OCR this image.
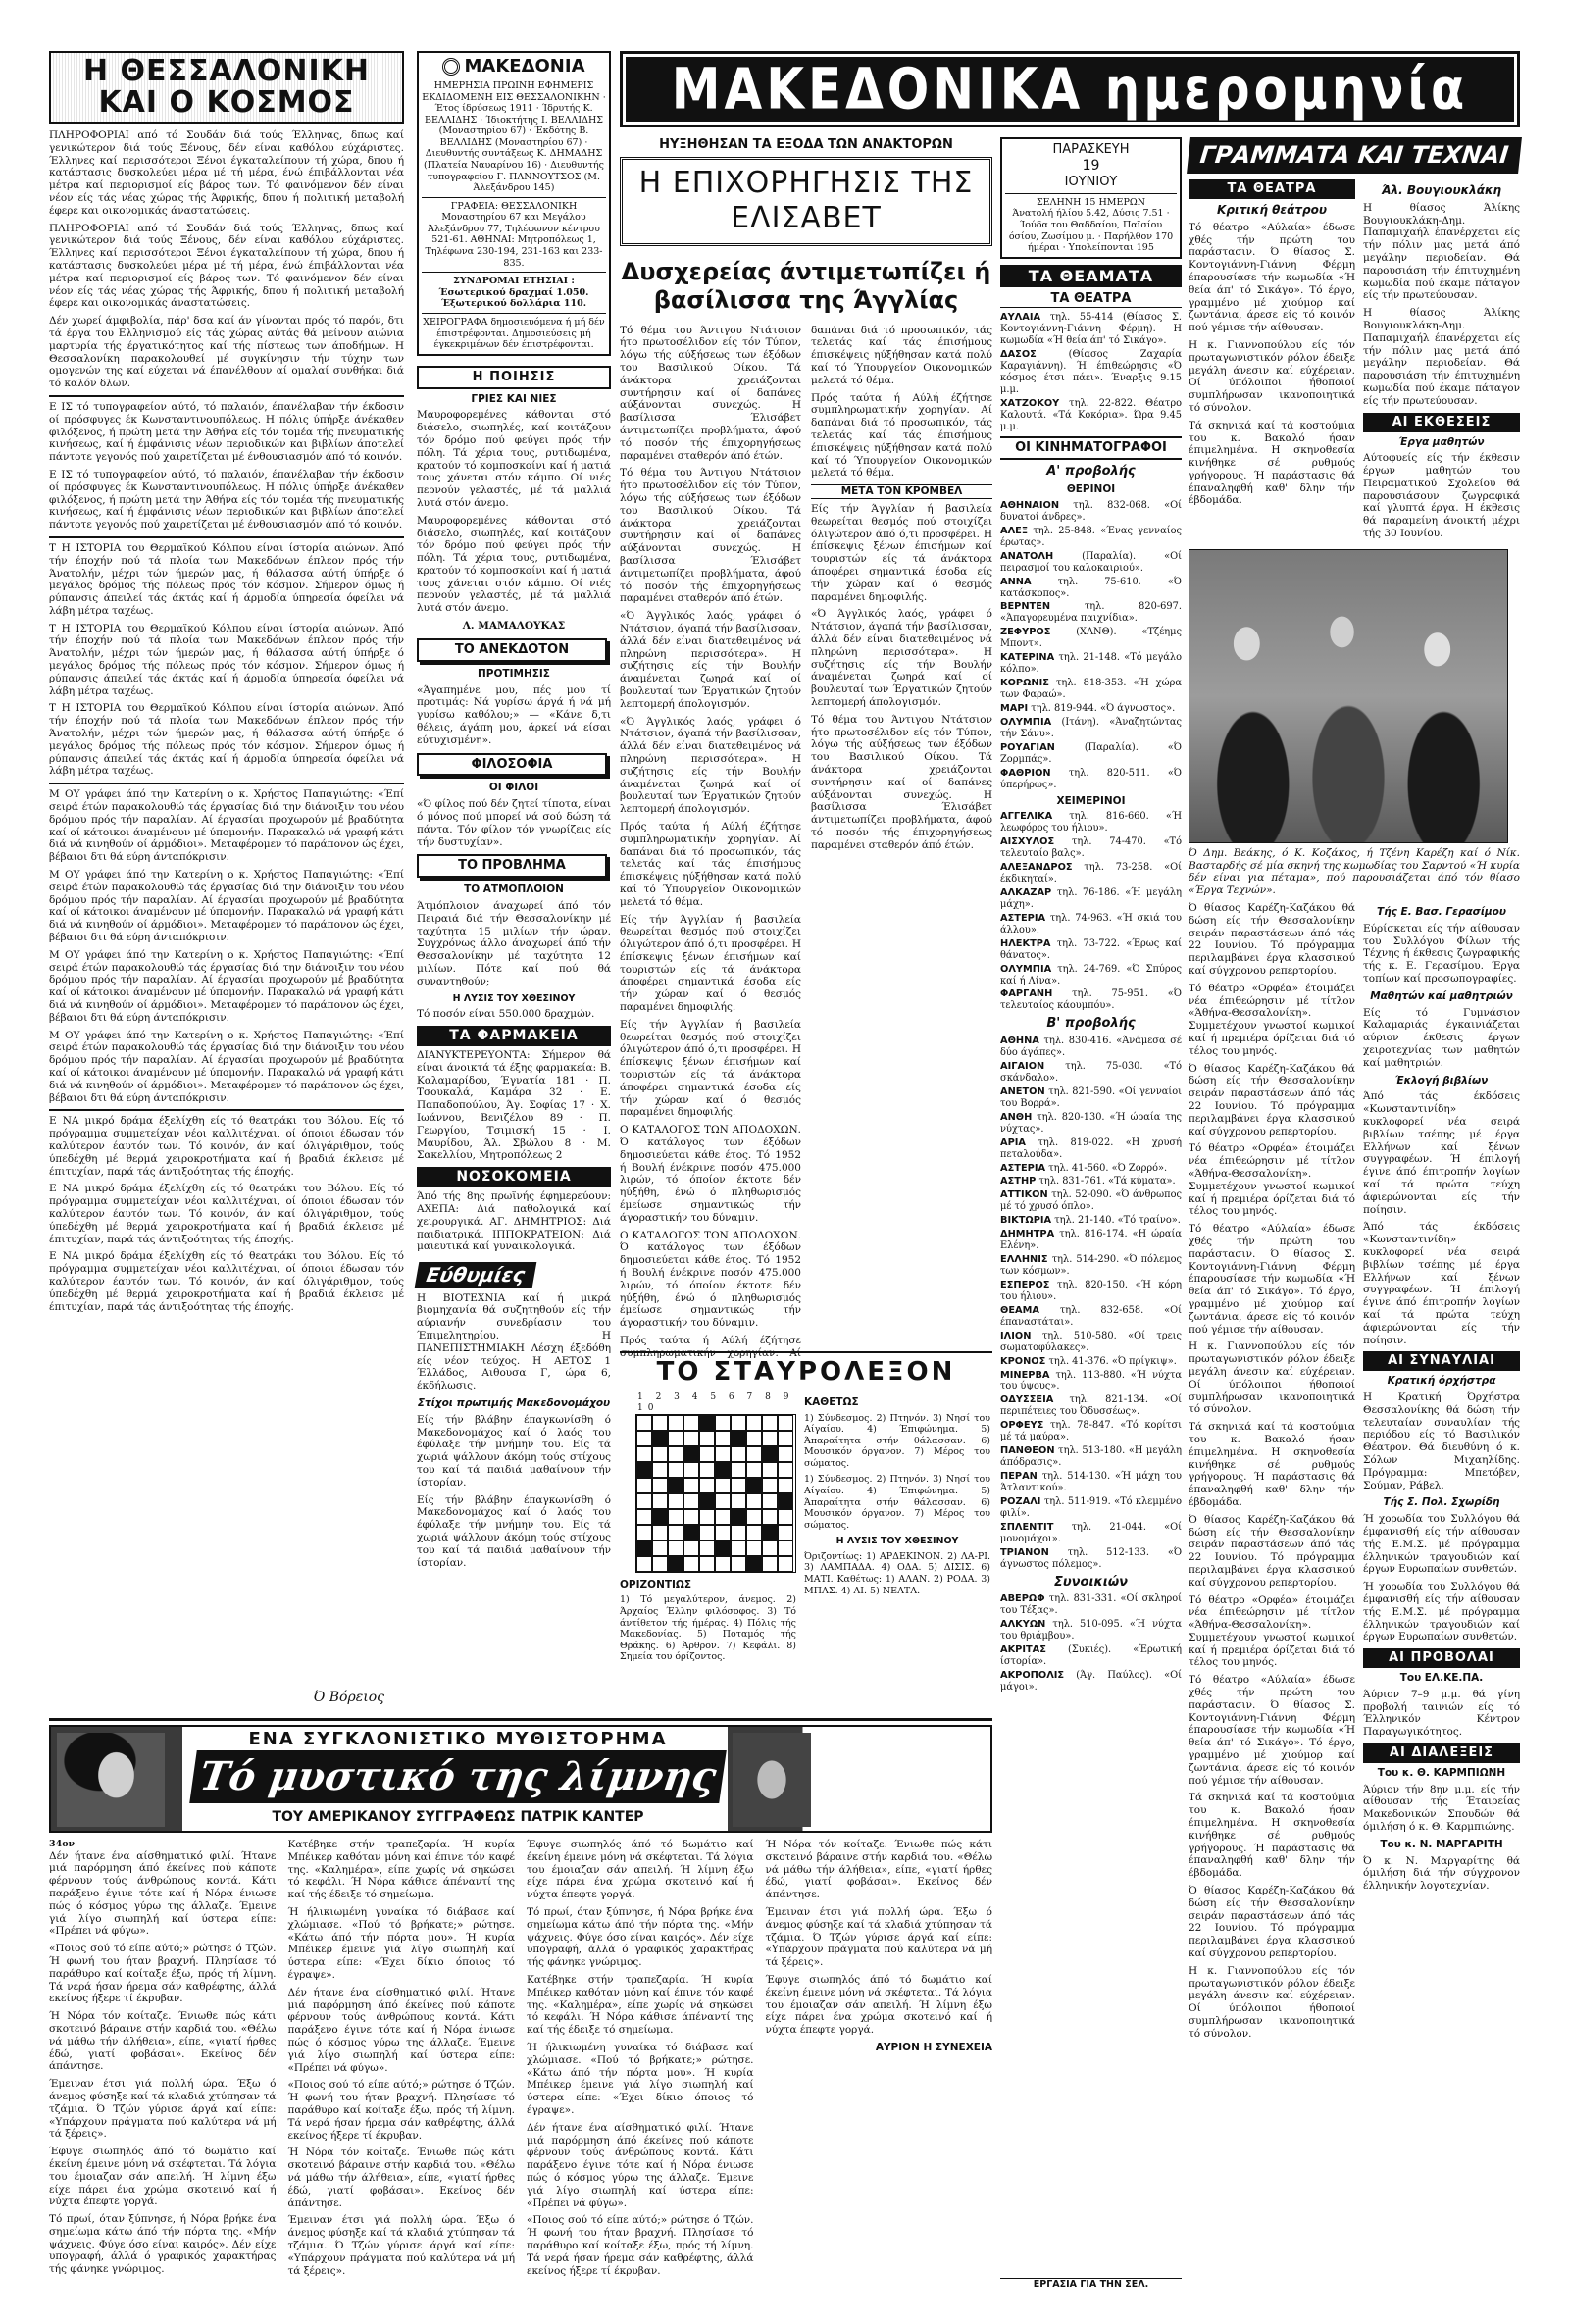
Η ΘΕΣΣΑΛΟΝΙΚΗ
ΚΑΙ Ο ΚΟΣΜΟΣ

ΠΛΗΡΟΦΟΡΙΑΙ από τό Σουδάν διά τούς Έλληνας, δπως καί γενικώτερον διά τούς Ξένους, δέν είναι καθόλου εύχάριστες. Έλληνες καί περισσότεροι Ξένοι έγκαταλείπουν τή χώρα, δπου ή κατάστασις δυσκολεύει μέρα μέ τή μέρα, ένώ έπιβάλλονται νέα μέτρα καί περιορισμοί είς βάρος των. Τό φαινόμενον δέν είναι νέον είς τάς νέας χώρας τής Άφρικής, δπου ή πολιτική μεταβολή έφερε και οικονομικάς άναστατώσεις.

ΠΛΗΡΟΦΟΡΙΑΙ από τό Σουδάν διά τούς Έλληνας, δπως καί γενικώτερον διά τούς Ξένους, δέν είναι καθόλου εύχάριστες. Έλληνες καί περισσότεροι Ξένοι έγκαταλείπουν τή χώρα, δπου ή κατάστασις δυσκολεύει μέρα μέ τή μέρα, ένώ έπιβάλλονται νέα μέτρα καί περιορισμοί είς βάρος των. Τό φαινόμενον δέν είναι νέον είς τάς νέας χώρας τής Άφρικής, δπου ή πολιτική μεταβολή έφερε και οικονομικάς άναστατώσεις.

Δέν χωρεί άμφιβολία, πάρ' δσα καί άν γίνονται πρός τό παρόν, δτι τά έργα του Ελληνισμού είς τάς χώρας αύτάς θά μείνουν αιώνια μαρτυρία τής έργατικότητος καί τής πίστεως των άποδήμων. Η Θεσσαλονίκη παρακολουθεί μέ συγκίνησιν τήν τύχην των ομογενών της καί εύχεται νά έπανέλθουν αί ομαλαί συνθήκαι διά τό καλόν δλων.

Ε ΙΣ τό τυπογραφείον αύτό, τό παλαιόν, έπανέλαβαν τήν έκδοσιν οί πρόσφυγες έκ Κωνσταντινουπόλεως. Η πόλις ύπήρξε άνέκαθεν φιλόξενος, ή πρώτη μετά την Άθήνα είς τόν τομέα τής πνευματικής κινήσεως, καί ή έμφάνισις νέων περιοδικών και βιβλίων άποτελεί πάντοτε γεγονός πού χαιρετίζεται μέ ένθουσιασμόν άπό τό κοινόν.

Ε ΙΣ τό τυπογραφείον αύτό, τό παλαιόν, έπανέλαβαν τήν έκδοσιν οί πρόσφυγες έκ Κωνσταντινουπόλεως. Η πόλις ύπήρξε άνέκαθεν φιλόξενος, ή πρώτη μετά την Άθήνα είς τόν τομέα τής πνευματικής κινήσεως, καί ή έμφάνισις νέων περιοδικών και βιβλίων άποτελεί πάντοτε γεγονός πού χαιρετίζεται μέ ένθουσιασμόν άπό τό κοινόν.

Τ Η ΙΣΤΟΡΙΑ του Θερμαϊκού Κόλπου είναι ίστορία αιώνων. Άπό τήν έποχήν πού τά πλοία των Μακεδόνων έπλεον πρός τήν Άνατολήν, μέχρι τών ήμερών μας, ή θάλασσα αύτή ύπήρξε ό μεγάλος δρόμος τής πόλεως πρός τόν κόσμον. Σήμερον όμως ή ρύπανσις άπειλεί τάς άκτάς καί ή άρμοδία ύπηρεσία όφείλει νά λάβη μέτρα ταχέως.

Τ Η ΙΣΤΟΡΙΑ του Θερμαϊκού Κόλπου είναι ίστορία αιώνων. Άπό τήν έποχήν πού τά πλοία των Μακεδόνων έπλεον πρός τήν Άνατολήν, μέχρι τών ήμερών μας, ή θάλασσα αύτή ύπήρξε ό μεγάλος δρόμος τής πόλεως πρός τόν κόσμον. Σήμερον όμως ή ρύπανσις άπειλεί τάς άκτάς καί ή άρμοδία ύπηρεσία όφείλει νά λάβη μέτρα ταχέως.

Τ Η ΙΣΤΟΡΙΑ του Θερμαϊκού Κόλπου είναι ίστορία αιώνων. Άπό τήν έποχήν πού τά πλοία των Μακεδόνων έπλεον πρός τήν Άνατολήν, μέχρι τών ήμερών μας, ή θάλασσα αύτή ύπήρξε ό μεγάλος δρόμος τής πόλεως πρός τόν κόσμον. Σήμερον όμως ή ρύπανσις άπειλεί τάς άκτάς καί ή άρμοδία ύπηρεσία όφείλει νά λάβη μέτρα ταχέως.

Μ ΟΥ γράφει άπό την Κατερίνη ο κ. Χρήστος Παπαγιώτης: «Έπί σειρά έτών παρακολουθώ τάς έργασίας διά την διάνοιξιν του νέου δρόμου πρός τήν παραλίαν. Αί έργασίαι προχωρούν μέ βραδύτητα καί οί κάτοικοι άναμένουν μέ ύπομονήν. Παρακαλώ νά γραφή κάτι διά νά κινηθούν οί άρμόδιοι». Μεταφέρομεν τό παράπονον ώς έχει, βέβαιοι δτι θά εύρη άνταπόκρισιν.

Μ ΟΥ γράφει άπό την Κατερίνη ο κ. Χρήστος Παπαγιώτης: «Έπί σειρά έτών παρακολουθώ τάς έργασίας διά την διάνοιξιν του νέου δρόμου πρός τήν παραλίαν. Αί έργασίαι προχωρούν μέ βραδύτητα καί οί κάτοικοι άναμένουν μέ ύπομονήν. Παρακαλώ νά γραφή κάτι διά νά κινηθούν οί άρμόδιοι». Μεταφέρομεν τό παράπονον ώς έχει, βέβαιοι δτι θά εύρη άνταπόκρισιν.

Μ ΟΥ γράφει άπό την Κατερίνη ο κ. Χρήστος Παπαγιώτης: «Έπί σειρά έτών παρακολουθώ τάς έργασίας διά την διάνοιξιν του νέου δρόμου πρός τήν παραλίαν. Αί έργασίαι προχωρούν μέ βραδύτητα καί οί κάτοικοι άναμένουν μέ ύπομονήν. Παρακαλώ νά γραφή κάτι διά νά κινηθούν οί άρμόδιοι». Μεταφέρομεν τό παράπονον ώς έχει, βέβαιοι δτι θά εύρη άνταπόκρισιν.

Μ ΟΥ γράφει άπό την Κατερίνη ο κ. Χρήστος Παπαγιώτης: «Έπί σειρά έτών παρακολουθώ τάς έργασίας διά την διάνοιξιν του νέου δρόμου πρός τήν παραλίαν. Αί έργασίαι προχωρούν μέ βραδύτητα καί οί κάτοικοι άναμένουν μέ ύπομονήν. Παρακαλώ νά γραφή κάτι διά νά κινηθούν οί άρμόδιοι». Μεταφέρομεν τό παράπονον ώς έχει, βέβαιοι δτι θά εύρη άνταπόκρισιν.

Ε ΝΑ μικρό δράμα έξελίχθη είς τό θεατράκι του Βόλου. Είς τό πρόγραμμα συμμετείχαν νέοι καλλιτέχναι, οί όποιοι έδωσαν τόν καλύτερον έαυτόν των. Τό κοινόν, άν καί όλιγάριθμον, τούς ύπεδέχθη μέ θερμά χειροκροτήματα καί ή βραδιά έκλεισε μέ έπιτυχίαν, παρά τάς άντιξοότητας τής έποχής.

Ε ΝΑ μικρό δράμα έξελίχθη είς τό θεατράκι του Βόλου. Είς τό πρόγραμμα συμμετείχαν νέοι καλλιτέχναι, οί όποιοι έδωσαν τόν καλύτερον έαυτόν των. Τό κοινόν, άν καί όλιγάριθμον, τούς ύπεδέχθη μέ θερμά χειροκροτήματα καί ή βραδιά έκλεισε μέ έπιτυχίαν, παρά τάς άντιξοότητας τής έποχής.

Ε ΝΑ μικρό δράμα έξελίχθη είς τό θεατράκι του Βόλου. Είς τό πρόγραμμα συμμετείχαν νέοι καλλιτέχναι, οί όποιοι έδωσαν τόν καλύτερον έαυτόν των. Τό κοινόν, άν καί όλιγάριθμον, τούς ύπεδέχθη μέ θερμά χειροκροτήματα καί ή βραδιά έκλεισε μέ έπιτυχίαν, παρά τάς άντιξοότητας τής έποχής.

Ό Βόρειος
ΜΑΚΕΔΟΝΙΑ
ΗΜΕΡΗΣΙΑ ΠΡΩΙΝΗ ΕΦΗΜΕΡΙΣ ΕΚΔΙΔΟΜΕΝΗ ΕΙΣ ΘΕΣΣΑΛΟΝΙΚΗΝ · Έτος ίδρύσεως 1911 · Ίδρυτής Κ. ΒΕΛΛΙΔΗΣ · Ίδιοκτήτης Ι. ΒΕΛΛΙΔΗΣ (Μοναστηρίου 67) · Έκδότης Β. ΒΕΛΛΙΔΗΣ (Μοναστηρίου 67) · Διευθυντής συντάξεως Κ. ΔΗΜΑΔΗΣ (Πλατεία Ναυαρίνου 16) · Διευθυντής τυπογραφείου Γ. ΠΑΝΝΟΥΤΣΟΣ (Μ. Άλεξάνδρου 145)
ΓΡΑΦΕΙΑ: ΘΕΣΣΑΛΟΝΙΚΗ Μοναστηρίου 67 και Μεγάλου Άλεξάνδρου 77, Τηλέφωνον κέντρου 521-61. ΑΘΗΝΑΙ: Μητροπόλεως 1, Τηλέφωνα 230-194, 231-163 και 233-835.
ΣΥΝΔΡΟΜΑΙ ΕΤΗΣΙΑΙ : Έσωτερικού δραχμαί 1.050. Έξωτερικού δολλάρια 110.
ΧΕΙΡΟΓΡΑΦΑ δημοσιευόμενα ή μή δέν έπιστρέφονται. Δημοσιεύσεις μή έγκεκριμένων δέν έπιστρέφονται.
Η ΠΟΙΗΣΙΣ
ΓΡΙΕΣ ΚΑΙ ΝΙΕΣ

Μαυροφορεμένες κάθονται στό διάσελο, σιωπηλές, καί κοιτάζουν τόν δρόμο πού φεύγει πρός τήν πόλη. Τά χέρια τους, ρυτιδωμένα, κρατούν τό κομποσκοίνι καί ή ματιά τους χάνεται στόν κάμπο. Οί νιές περνούν γελαστές, μέ τά μαλλιά λυτά στόν άνεμο.

Μαυροφορεμένες κάθονται στό διάσελο, σιωπηλές, καί κοιτάζουν τόν δρόμο πού φεύγει πρός τήν πόλη. Τά χέρια τους, ρυτιδωμένα, κρατούν τό κομποσκοίνι καί ή ματιά τους χάνεται στόν κάμπο. Οί νιές περνούν γελαστές, μέ τά μαλλιά λυτά στόν άνεμο.

Λ. ΜΑΜΑΛΟΥΚΑΣ
ΤΟ ΑΝΕΚΔΟΤΟΝ
ΠΡΟΤΙΜΗΣΙΣ

«Άγαπημένε μου, πές μου τί προτιμάς: Νά γυρίσω άργά ή νά μή γυρίσω καθόλου;» — «Κάνε δ,τι θέλεις, άγάπη μου, άρκεί νά είσαι εύτυχισμένη».

ΦΙΛΟΣΟΦΙΑ
ΟΙ ΦΙΛΟΙ

«Ό φίλος πού δέν ζητεί τίποτα, είναι ό μόνος πού μπορεί νά σού δώση τά πάντα. Τόν φίλον τόν γνωρίζεις είς τήν δυστυχίαν».

ΤΟ ΠΡΟΒΛΗΜΑ
ΤΟ ΑΤΜΟΠΛΟΙΟΝ

Άτμόπλοιον άναχωρεί άπό τόν Πειραιά διά τήν Θεσσαλονίκην μέ ταχύτητα 15 μιλίων τήν ώραν. Συγχρόνως άλλο άναχωρεί άπό τήν Θεσσαλονίκην μέ ταχύτητα 12 μιλίων. Πότε καί πού θά συναντηθούν;

Η ΛΥΣΙΣ ΤΟΥ ΧΘΕΣΙΝΟΥ

Τό ποσόν είναι 550.000 δραχμών.

ΤΑ ΦΑΡΜΑΚΕΙΑ

ΔΙΑΝΥΚΤΕΡΕΥΟΝΤΑ: Σήμερον θά είναι άνοικτά τά έξης φαρμακεία: Β. Καλαμαρίδου, Έγνατία 181 · Π. Τσουκαλά, Καμάρα 32 · Ε. Παπαδοπούλου, Άγ. Σοφίας 17 · Χ. Ιωάννου, Βενιζέλου 89 · Π. Γεωργίου, Τσιμισκή 15 · Ι. Μαυρίδου, Άλ. Σβώλου 8 · Μ. Σακελλίου, Μητροπόλεως 2

ΝΟΣΟΚΟΜΕΙΑ

Άπό τής 8ης πρωϊνής έφημερεύουν: ΑΧΕΠΑ: Διά παθολογικά καί χειρουργικά. ΑΓ. ΔΗΜΗΤΡΙΟΣ: Διά παιδιατρικά. ΙΠΠΟΚΡΑΤΕΙΟΝ: Διά μαιευτικά καί γυναικολογικά.

Εύθυμίες

Η ΒΙΟΤΕΧΝΙΑ καί ή μικρά βιομηχανία θά συζητηθούν είς τήν αύριανήν συνεδρίασιν του Έπιμελητηρίου. Η ΠΑΝΕΠΙΣΤΗΜΙΑΚΗ Λέσχη έξεδόθη είς νέον τεύχος. Η ΑΕΤΟΣ 1 Έλλάδος, Αιθουσα Γ, ώρα 6, έκδήλωσις.

Στίχοι πρωτιμής Μακεδονομάχου

Είς τήν βλάβην έπαγκωνίσθη ό Μακεδονομάχος καί ό λαός του έφύλαξε τήν μνήμην του. Είς τά χωριά ψάλλουν άκόμη τούς στίχους του καί τά παιδιά μαθαίνουν τήν ίστορίαν.

Είς τήν βλάβην έπαγκωνίσθη ό Μακεδονομάχος καί ό λαός του έφύλαξε τήν μνήμην του. Είς τά χωριά ψάλλουν άκόμη τούς στίχους του καί τά παιδιά μαθαίνουν τήν ίστορίαν.

ΜΑΚΕΔΟΝΙΚΑ ημερομηνία
ΗΥΞΗΘΗΣΑΝ ΤΑ ΕΞΟΔΑ ΤΩΝ ΑΝΑΚΤΟΡΩΝ
Η ΕΠΙΧΟΡΗΓΗΣΙΣ ΤΗΣ ΕΛΙΣΑΒΕΤ
Δυσχερείας άντιμετωπίζει ή βασίλισσα της Άγγλίας

Τό θέμα του Άντιγου Ντάτσιον ήτο πρωτοσέλιδον είς τόν Τύπον, λόγω τής αύξήσεως των έξόδων του Βασιλικού Οίκου. Τά άνάκτορα χρειάζονται συντήρησιν καί οί δαπάνες αύξάνονται συνεχώς. Η βασίλισσα Έλισάβετ άντιμετωπίζει προβλήματα, άφού τό ποσόν τής έπιχορηγήσεως παραμένει σταθερόν άπό έτών.

Τό θέμα του Άντιγου Ντάτσιον ήτο πρωτοσέλιδον είς τόν Τύπον, λόγω τής αύξήσεως των έξόδων του Βασιλικού Οίκου. Τά άνάκτορα χρειάζονται συντήρησιν καί οί δαπάνες αύξάνονται συνεχώς. Η βασίλισσα Έλισάβετ άντιμετωπίζει προβλήματα, άφού τό ποσόν τής έπιχορηγήσεως παραμένει σταθερόν άπό έτών.

«Ό Άγγλικός λαός, γράφει ό Ντάτσιον, άγαπά τήν βασίλισσαν, άλλά δέν είναι διατεθειμένος νά πληρώνη περισσότερα». Η συζήτησις είς τήν Βουλήν άναμένεται ζωηρά καί οί βουλευταί των Έργατικών ζητούν λεπτομερή άπολογισμόν.

«Ό Άγγλικός λαός, γράφει ό Ντάτσιον, άγαπά τήν βασίλισσαν, άλλά δέν είναι διατεθειμένος νά πληρώνη περισσότερα». Η συζήτησις είς τήν Βουλήν άναμένεται ζωηρά καί οί βουλευταί των Έργατικών ζητούν λεπτομερή άπολογισμόν.

Πρός ταύτα ή Αύλή έζήτησε συμπληρωματικήν χορηγίαν. Αί δαπάναι διά τό προσωπικόν, τάς τελετάς καί τάς έπισήμους έπισκέψεις ηύξήθησαν κατά πολύ καί τό Ύπουργείον Οικονομικών μελετά τό θέμα.

Είς τήν Άγγλίαν ή βασιλεία θεωρείται θεσμός πού στοιχίζει όλιγώτερον άπό ό,τι προσφέρει. Η έπίσκεψις ξένων έπισήμων καί τουριστών είς τά άνάκτορα άποφέρει σημαντικά έσοδα είς τήν χώραν καί ό θεσμός παραμένει δημοφιλής.

Είς τήν Άγγλίαν ή βασιλεία θεωρείται θεσμός πού στοιχίζει όλιγώτερον άπό ό,τι προσφέρει. Η έπίσκεψις ξένων έπισήμων καί τουριστών είς τά άνάκτορα άποφέρει σημαντικά έσοδα είς τήν χώραν καί ό θεσμός παραμένει δημοφιλής.

Ο ΚΑΤΑΛΟΓΟΣ ΤΩΝ ΑΠΟΔΟΧΩΝ. Ό κατάλογος των έξόδων δημοσιεύεται κάθε έτος. Τό 1952 ή Βουλή ένέκρινε ποσόν 475.000 λιρών, τό όποίον έκτοτε δέν ηύξήθη, ένώ ό πληθωρισμός έμείωσε σημαντικώς τήν άγοραστικήν του δύναμιν.

Ο ΚΑΤΑΛΟΓΟΣ ΤΩΝ ΑΠΟΔΟΧΩΝ. Ό κατάλογος των έξόδων δημοσιεύεται κάθε έτος. Τό 1952 ή Βουλή ένέκρινε ποσόν 475.000 λιρών, τό όποίον έκτοτε δέν ηύξήθη, ένώ ό πληθωρισμός έμείωσε σημαντικώς τήν άγοραστικήν του δύναμιν.

Πρός ταύτα ή Αύλή έζήτησε συμπληρωματικήν χορηγίαν. Αί δαπάναι διά τό προσωπικόν, τάς τελετάς καί τάς έπισήμους έπισκέψεις ηύξήθησαν κατά πολύ καί τό Ύπουργείον Οικονομικών μελετά τό θέμα.

Πρός ταύτα ή Αύλή έζήτησε συμπληρωματικήν χορηγίαν. Αί δαπάναι διά τό προσωπικόν, τάς τελετάς καί τάς έπισήμους έπισκέψεις ηύξήθησαν κατά πολύ καί τό Ύπουργείον Οικονομικών μελετά τό θέμα.

ΜΕΤΑ ΤΟΝ ΚΡΟΜΒΕΛ

Είς τήν Άγγλίαν ή βασιλεία θεωρείται θεσμός πού στοιχίζει όλιγώτερον άπό ό,τι προσφέρει. Η έπίσκεψις ξένων έπισήμων καί τουριστών είς τά άνάκτορα άποφέρει σημαντικά έσοδα είς τήν χώραν καί ό θεσμός παραμένει δημοφιλής.

«Ό Άγγλικός λαός, γράφει ό Ντάτσιον, άγαπά τήν βασίλισσαν, άλλά δέν είναι διατεθειμένος νά πληρώνη περισσότερα». Η συζήτησις είς τήν Βουλήν άναμένεται ζωηρά καί οί βουλευταί των Έργατικών ζητούν λεπτομερή άπολογισμόν.

Τό θέμα του Άντιγου Ντάτσιον ήτο πρωτοσέλιδον είς τόν Τύπον, λόγω τής αύξήσεως των έξόδων του Βασιλικού Οίκου. Τά άνάκτορα χρειάζονται συντήρησιν καί οί δαπάνες αύξάνονται συνεχώς. Η βασίλισσα Έλισάβετ άντιμετωπίζει προβλήματα, άφού τό ποσόν τής έπιχορηγήσεως παραμένει σταθερόν άπό έτών.

ΤΟ ΣΤΑΥΡΟΛΕΞΟΝ
1 2 3 4 5 6 7 8 9 10
ΟΡΙΖΟΝΤΙΩΣ

1) Τό μεγαλύτερον, άνεμος. 2) Άρχαίος Έλλην φιλόσοφος. 3) Τό άντίθετον τής ήμέρας. 4) Πόλις τής Μακεδονίας. 5) Ποταμός τής Θράκης. 6) Άρθρον. 7) Κεφάλι. 8) Σημεία του όρίζοντος.

ΚΑΘΕΤΩΣ

1) Σύνδεσμος. 2) Πτηνόν. 3) Νησί του Αίγαίου. 4) Έπιφώνημα. 5) Άπαραίτητα στήν θάλασσαν. 6) Μουσικόν όργανον. 7) Μέρος του σώματος.

1) Σύνδεσμος. 2) Πτηνόν. 3) Νησί του Αίγαίου. 4) Έπιφώνημα. 5) Άπαραίτητα στήν θάλασσαν. 6) Μουσικόν όργανον. 7) Μέρος του σώματος.

Η ΛΥΣΙΣ ΤΟΥ ΧΘΕΣΙΝΟΥ

Όριζοντίως: 1) ΑΡΔΕΚΙΝΟΝ. 2) ΛΑ-ΡΙ. 3) ΛΑΜΠΑΔΑ. 4) ΟΔΑ. 5) ΔΙΣΙΣ. 6) ΜΑΤΙ. Καθέτως: 1) ΑΛΑΝ. 2) ΡΟΔΑ. 3) ΜΠΑΣ. 4) ΑΙ. 5) ΝΕΑΤΑ.

ΠΑΡΑΣΚΕΥΗ
19
ΙΟΥΝΙΟΥ
ΣΕΛΗΝΗ 15 ΗΜΕΡΩΝ
Άνατολή ήλίου 5.42, Δύσις 7.51 · Ίούδα του Θαδδαίου, Παϊσίου όσίου, Ζωσίμου μ. · Παρήλθον 170 ήμέραι · Υπολείπονται 195
ΤΑ ΘΕΑΜΑΤΑ
ΤΑ ΘΕΑΤΡΑ

ΑΥΛΑΙΑ τηλ. 55-414 (Θίασος Σ. Κοντογιάννη-Γιάννη Φέρμη). Η κωμωδία «Ή θεία άπ' τό Σικάγο».

ΔΑΣΟΣ	(Θίασος Ζαχαρία Καραγιάννη). Ή έπιθεώρησις «Ό κόσμος έτσι πάει». Έναρξις 9.15 μ.μ.

ΧΑΤΖΟΚΟΥ τηλ. 22-822. Θέατρο Καλουτά. «Τά Κοκόρια». Ώρα 9.45 μ.μ.

ΟΙ ΚΙΝΗΜΑΤΟΓΡΑΦΟΙ
Α' προβολής
ΘΕΡΙΝΟΙ

ΑΘΗΝΑΙΟΝ τηλ. 832-068. «Οί δυνατοί άνδρες».

ΑΛΕΞ τηλ. 25-848. «Ένας γενναίος έρωτας».

ΑΝΑΤΟΛΗ	(Παραλία). «Οί πειρασμοί του καλοκαιριού».

ΑΝΝΑ	τηλ. 75-610. «Ό κατάσκοπος».

ΒΕΡΝΤΕΝ	τηλ. 820-697. «Άπαγορευμένα παιχνίδια».

ΖΕΦΥΡΟΣ	(ΧΑΝΘ). «Τζέημς Μποντ».

ΚΑΤΕΡΙΝΑ τηλ. 21-148. «Τό μεγάλο κόλπο».

ΚΟΡΩΝΙΣ τηλ. 818-353. «Ή χώρα των Φαραώ».

ΜΑΡΙ τηλ. 819-944. «Ό άγνωστος».

ΟΛΥΜΠΙΑ (Ιτάνη). «Άναζητώντας τήν Σάνυ».

ΡΟΥΑΓΙΑΝ	(Παραλία). «Ό Ζορμπάς».

ΦΑΘΡΙΟΝ τηλ. 820-511. «Ό ύπερήρως».

ΧΕΙΜΕΡΙΝΟΙ

ΑΓΓΕΛΙΚΑ τηλ. 816-660. «Ή λεωφόρος του ήλιου».

ΑΙΣΧΥΛΟΣ τηλ. 74-470. «Τό τελευταίο βαλς».

ΑΛΕΞΑΝΔΡΟΣ τηλ. 73-258. «Οί έκδικηταί».

ΑΛΚΑΖΑΡ τηλ. 76-186. «Ή μεγάλη μάχη».

ΑΣΤΕΡΙΑ τηλ. 74-963. «Ή σκιά του άλλου».

ΗΛΕΚΤΡΑ τηλ. 73-722. «Έρως καί θάνατος».

ΟΛΥΜΠΙΑ τηλ. 24-769. «Ό Σπύρος καί ή Λίνα».

ΦΑΡΓΑΝΗ τηλ. 75-951. «Ό τελευταίος κάουμπόυ».

Β' προβολής

ΑΘΗΝΑ τηλ. 830-416. «Άνάμεσα σέ δύο άγάπες».

ΑΙΓΑΙΟΝ τηλ. 75-030. «Τό σκάνδαλο».

ΑΝΕΤΟΝ τηλ. 821-590. «Οί γενναίοι του Βορρά».

ΑΝΘΗ τηλ. 820-130. «Ή ώραία της νύχτας».

ΑΡΙΑ τηλ. 819-022. «Η χρυσή πεταλούδα».

ΑΣΤΕΡΙΑ τηλ. 41-560. «Ό Ζορρό».

ΑΣΤΗΡ τηλ. 831-761. «Τά κύματα».

ΑΤΤΙΚΟΝ τηλ. 52-090. «Ό άνθρωπος μέ τό χρυσό όπλο».

ΒΙΚΤΩΡΙΑ τηλ. 21-140. «Τό τραίνο».

ΔΗΜΗΤΡΑ τηλ. 816-174. «Η ώραία Ελένη».

ΕΛΛΗΝΙΣ τηλ. 514-290. «Ό πόλεμος των κόσμων».

ΕΣΠΕΡΟΣ τηλ. 820-150. «Ή κόρη του ήλιου».

ΘΕΑΜΑ τηλ. 832-658. «Οί έπαναστάται».

ΙΛΙΟΝ τηλ. 510-580. «Οί τρεις σωματοφύλακες».

ΚΡΟΝΟΣ τηλ. 41-376. «Ό πρίγκιψ».

ΜΙΝΕΡΒΑ τηλ. 113-880. «Ή νύχτα του ύψους».

ΟΔΥΣΣΕΙΑ τηλ. 821-134. «Οί περιπέτειες του Όδυσσέως».

ΟΡΦΕΥΣ τηλ. 78-847. «Τό κορίτσι μέ τά μαύρα».

ΠΑΝΘΕΟΝ τηλ. 513-180. «Η μεγάλη άπόδρασις».

ΠΕΡΑΝ τηλ. 514-130. «Ή μάχη του Άτλαντικού».

ΡΟΖΑΛΙ τηλ. 511-919. «Τό κλεμμένο φιλί».

ΣΠΛΕΝΤΙΤ τηλ. 21-044. «Οί μονομάχοι».

ΤΡΙΑΝΟΝ τηλ. 512-133. «Ό άγνωστος πόλεμος».

Συνοικιών

ΑΒΕΡΩΦ τηλ. 831-331. «Οί σκληροί του Τέξας».

ΑΛΚΥΩΝ τηλ. 510-095. «Ή νύχτα του θριάμβου».

ΑΚΡΙΤΑΣ (Συκιές). «Έρωτική ίστορία».

ΑΚΡΟΠΟΛΙΣ (Άγ. Παύλος). «Οί μάγοι».

ΕΡΓΑΣΙΑ ΓΙΑ ΤΗΝ ΣΕΛ.
ΓΡΑΜΜΑΤΑ ΚΑΙ ΤΕΧΝΑΙ
ΤΑ ΘΕΑΤΡΑ
Κριτική θεάτρου

Τό θέατρο «Αύλαία» έδωσε χθές τήν πρώτη του παράστασιν. Ό θίασος Σ. Κοντογιάννη-Γιάννη Φέρμη έπαρουσίασε τήν κωμωδία «Ή θεία άπ' τό Σικάγο». Τό έργο, γραμμένο μέ χιούμορ καί ζωντάνια, άρεσε είς τό κοινόν πού γέμισε τήν αίθουσαν.

Η κ. Γιαννοπούλου είς τόν πρωταγωνιστικόν ρόλον έδειξε μεγάλη άνεσιν καί εύχέρειαν. Οί ύπόλοιποι ήθοποιοί συμπλήρωσαν ικανοποιητικά τό σύνολον.

Τά σκηνικά καί τά κοστούμια του κ. Βακαλό ήσαν έπιμελημένα. Η σκηνοθεσία κινήθηκε σέ ρυθμούς γρήγορους. Ή παράστασις θά έπαναληφθή καθ' δλην τήν έβδομάδα.

Άλ. Βουγιουκλάκη

Η θίασος Άλίκης Βουγιουκλάκη-Δημ. Παπαμιχαήλ έπανέρχεται είς τήν πόλιν μας μετά άπό μεγάλην περιοδείαν. Θά παρουσιάση τήν έπιτυχημένη κωμωδία πού έκαμε πάταγον είς τήν πρωτεύουσαν.

Η θίασος Άλίκης Βουγιουκλάκη-Δημ. Παπαμιχαήλ έπανέρχεται είς τήν πόλιν μας μετά άπό μεγάλην περιοδείαν. Θά παρουσιάση τήν έπιτυχημένη κωμωδία πού έκαμε πάταγον είς τήν πρωτεύουσαν.

ΑΙ ΕΚΘΕΣΕΙΣ
Έργα μαθητών

Αύτοφυείς είς τήν έκθεσιν έργων μαθητών του Πειραματικού Σχολείου θά παρουσιάσουν ζωγραφικά καί γλυπτά έργα. Η έκθεσις θά παραμείνη άνοικτή μέχρι τής 30 Ιουνίου.

Ό Δημ. Βεάκης, ό Κ. Κοζάκος, ή Τζένη Καρέζη καί ό Νίκ. Βασταρδής σέ μία σκηνή της κωμωδίας του Σαρντού «Ή κυρία δέν είναι για πέταμα», πού παρουσιάζεται άπό τόν θίασο «Έργα Τεχνών».

Ό θίασος Καρέζη-Καζάκου θά δώση είς τήν Θεσσαλονίκην σειράν παραστάσεων άπό τάς 22 Ιουνίου. Τό πρόγραμμα περιλαμβάνει έργα κλασσικού καί σύγχρονου ρεπερτορίου.

Τό θέατρο «Ορφέα» έτοιμάζει νέα έπιθεώρησιν μέ τίτλον «Άθήνα-Θεσσαλονίκη». Συμμετέχουν γνωστοί κωμικοί καί ή πρεμιέρα όρίζεται διά τό τέλος του μηνός.

Ό θίασος Καρέζη-Καζάκου θά δώση είς τήν Θεσσαλονίκην σειράν παραστάσεων άπό τάς 22 Ιουνίου. Τό πρόγραμμα περιλαμβάνει έργα κλασσικού καί σύγχρονου ρεπερτορίου.

Τό θέατρο «Ορφέα» έτοιμάζει νέα έπιθεώρησιν μέ τίτλον «Άθήνα-Θεσσαλονίκη». Συμμετέχουν γνωστοί κωμικοί καί ή πρεμιέρα όρίζεται διά τό τέλος του μηνός.

Τό θέατρο «Αύλαία» έδωσε χθές τήν πρώτη του παράστασιν. Ό θίασος Σ. Κοντογιάννη-Γιάννη Φέρμη έπαρουσίασε τήν κωμωδία «Ή θεία άπ' τό Σικάγο». Τό έργο, γραμμένο μέ χιούμορ καί ζωντάνια, άρεσε είς τό κοινόν πού γέμισε τήν αίθουσαν.

Η κ. Γιαννοπούλου είς τόν πρωταγωνιστικόν ρόλον έδειξε μεγάλη άνεσιν καί εύχέρειαν. Οί ύπόλοιποι ήθοποιοί συμπλήρωσαν ικανοποιητικά τό σύνολον.

Τά σκηνικά καί τά κοστούμια του κ. Βακαλό ήσαν έπιμελημένα. Η σκηνοθεσία κινήθηκε σέ ρυθμούς γρήγορους. Ή παράστασις θά έπαναληφθή καθ' δλην τήν έβδομάδα.

Ό θίασος Καρέζη-Καζάκου θά δώση είς τήν Θεσσαλονίκην σειράν παραστάσεων άπό τάς 22 Ιουνίου. Τό πρόγραμμα περιλαμβάνει έργα κλασσικού καί σύγχρονου ρεπερτορίου.

Τό θέατρο «Ορφέα» έτοιμάζει νέα έπιθεώρησιν μέ τίτλον «Άθήνα-Θεσσαλονίκη». Συμμετέχουν γνωστοί κωμικοί καί ή πρεμιέρα όρίζεται διά τό τέλος του μηνός.

Τό θέατρο «Αύλαία» έδωσε χθές τήν πρώτη του παράστασιν. Ό θίασος Σ. Κοντογιάννη-Γιάννη Φέρμη έπαρουσίασε τήν κωμωδία «Ή θεία άπ' τό Σικάγο». Τό έργο, γραμμένο μέ χιούμορ καί ζωντάνια, άρεσε είς τό κοινόν πού γέμισε τήν αίθουσαν.

Τά σκηνικά καί τά κοστούμια του κ. Βακαλό ήσαν έπιμελημένα. Η σκηνοθεσία κινήθηκε σέ ρυθμούς γρήγορους. Ή παράστασις θά έπαναληφθή καθ' δλην τήν έβδομάδα.

Ό θίασος Καρέζη-Καζάκου θά δώση είς τήν Θεσσαλονίκην σειράν παραστάσεων άπό τάς 22 Ιουνίου. Τό πρόγραμμα περιλαμβάνει έργα κλασσικού καί σύγχρονου ρεπερτορίου.

Η κ. Γιαννοπούλου είς τόν πρωταγωνιστικόν ρόλον έδειξε μεγάλη άνεσιν καί εύχέρειαν. Οί ύπόλοιποι ήθοποιοί συμπλήρωσαν ικανοποιητικά τό σύνολον.

Τής Ε. Βασ. Γερασίμου

Εύρίσκεται είς τήν αίθουσαν του Συλλόγου Φίλων τής Τέχνης ή έκθεσις ζωγραφικής τής κ. Ε. Γερασίμου. Έργα τοπίων καί προσωπογραφίες.

Μαθητών καί μαθητριών

Είς τό Γυμνάσιον Καλαμαριάς έγκαινιάζεται αύριον έκθεσις έργων χειροτεχνίας των μαθητών καί μαθητριών.

Έκλογή βιβλίων

Άπό τάς έκδόσεις «Κωνσταντινίδη» κυκλοφορεί νέα σειρά βιβλίων τσέπης μέ έργα Ελλήνων καί ξένων συγγραφέων. Ή έπιλογή έγινε άπό έπιτροπήν λογίων καί τά πρώτα τεύχη άφιερώνονται είς τήν ποίησιν.

Άπό τάς έκδόσεις «Κωνσταντινίδη» κυκλοφορεί νέα σειρά βιβλίων τσέπης μέ έργα Ελλήνων καί ξένων συγγραφέων. Ή έπιλογή έγινε άπό έπιτροπήν λογίων καί τά πρώτα τεύχη άφιερώνονται είς τήν ποίησιν.

ΑΙ ΣΥΝΑΥΛΙΑΙ
Κρατική όρχήστρα

Η Κρατική Όρχήστρα Θεσσαλονίκης θά δώση τήν τελευταίαν συναυλίαν τής περιόδου είς τό Βασιλικόν Θέατρον. Θά διευθύνη ό κ. Σόλων Μιχαηλίδης. Πρόγραμμα: Μπετόβεν, Σούμαν, Ράβελ.

Τής Σ. Πολ. Σχωρίδη

Ή χορωδία του Συλλόγου θά έμφανισθή είς τήν αίθουσαν τής Ε.Μ.Σ. μέ πρόγραμμα έλληνικών τραγουδιών καί έργων Ευρωπαίων συνθετών.

Ή χορωδία του Συλλόγου θά έμφανισθή είς τήν αίθουσαν τής Ε.Μ.Σ. μέ πρόγραμμα έλληνικών τραγουδιών καί έργων Ευρωπαίων συνθετών.

ΑΙ ΠΡΟΒΟΛΑΙ
Του ΕΛ.ΚΕ.ΠΑ.

Άύριον 7–9 μ.μ. θά γίνη προβολή ταινιών είς τό Έλληνικόν Κέντρον Παραγωγικότητος.

ΑΙ ΔΙΑΛΕΞΕΙΣ
Του κ. Θ. ΚΑΡΜΠΙΩΝΗ

Άύριον τήν 8ην μ.μ. είς τήν αίθουσαν τής Έταιρείας Μακεδονικών Σπουδών θά όμιλήση ό κ. Θ. Καρμπιώνης.

Του κ. Ν. ΜΑΡΓΑΡΙΤΗ

Ό κ. Ν. Μαργαρίτης θά όμιλήση διά τήν σύγχρονον έλληνικήν λογοτεχνίαν.

ΕΝΑ ΣΥΓΚΛΟΝΙΣΤΙΚΟ ΜΥΘΙΣΤΟΡΗΜΑ
Τό μυστικό της λίμνης
ΤΟΥ ΑΜΕΡΙΚΑΝΟΥ ΣΥΓΓΡΑΦΕΩΣ ΠΑΤΡΙΚ ΚΑΝΤΕΡ
34ον

Δέν ήτανε ένα αίσθηματικό φιλί. Ήτανε μιά παρόρμηση άπό έκείνες πού κάποτε φέρνουν τούς άνθρώπους κοντά. Κάτι παράξενο έγινε τότε καί ή Νόρα ένιωσε πώς ό κόσμος γύρω της άλλαζε. Έμεινε γιά λίγο σιωπηλή καί ύστερα είπε: «Πρέπει νά φύγω».

«Ποιος σού τό είπε αύτό;» ρώτησε ό Τζών. Ή φωνή του ήταν βραχνή. Πλησίασε τό παράθυρο καί κοίταξε έξω, πρός τή λίμνη. Τά νερά ήσαν ήρεμα σάν καθρέφτης, άλλά εκείνος ήξερε τί έκρυβαν.

Ή Νόρα τόν κοίταζε. Ένιωθε πώς κάτι σκοτεινό βάραινε στήν καρδιά του. «Θέλω νά μάθω τήν άλήθεια», είπε, «γιατί ήρθες έδώ, γιατί φοβάσαι». Εκείνος δέν άπάντησε.

Έμειναν έτσι γιά πολλή ώρα. Έξω ό άνεμος φύσηξε καί τά κλαδιά χτύπησαν τά τζάμια. Ό Τζών γύρισε άργά καί είπε: «Υπάρχουν πράγματα πού καλύτερα νά μή τά ξέρεις».

Έφυγε σιωπηλός άπό τό δωμάτιο καί έκείνη έμεινε μόνη νά σκέφτεται. Τά λόγια του έμοιαζαν σάν απειλή. Ή λίμνη έξω είχε πάρει ένα χρώμα σκοτεινό καί ή νύχτα έπεφτε γοργά.

Τό πρωί, όταν ξύπνησε, ή Νόρα βρήκε ένα σημείωμα κάτω άπό τήν πόρτα της. «Μήν ψάχνεις. Φύγε όσο είναι καιρός». Δέν είχε υπογραφή, άλλά ό γραφικός χαρακτήρας τής φάνηκε γνώριμος.

Κατέβηκε στήν τραπεζαρία. Ή κυρία Μπέικερ καθόταν μόνη καί έπινε τόν καφέ της. «Καλημέρα», είπε χωρίς νά σηκώσει τό κεφάλι. Ή Νόρα κάθισε άπέναντί της καί τής έδειξε τό σημείωμα.

Ή ήλικιωμένη γυναίκα τό διάβασε καί χλώμιασε. «Πού τό βρήκατε;» ρώτησε. «Κάτω άπό τήν πόρτα μου». Ή κυρία Μπέικερ έμεινε γιά λίγο σιωπηλή καί ύστερα είπε: «Έχει δίκιο όποιος τό έγραψε».

Δέν ήτανε ένα αίσθηματικό φιλί. Ήτανε μιά παρόρμηση άπό έκείνες πού κάποτε φέρνουν τούς άνθρώπους κοντά. Κάτι παράξενο έγινε τότε καί ή Νόρα ένιωσε πώς ό κόσμος γύρω της άλλαζε. Έμεινε γιά λίγο σιωπηλή καί ύστερα είπε: «Πρέπει νά φύγω».

«Ποιος σού τό είπε αύτό;» ρώτησε ό Τζών. Ή φωνή του ήταν βραχνή. Πλησίασε τό παράθυρο καί κοίταξε έξω, πρός τή λίμνη. Τά νερά ήσαν ήρεμα σάν καθρέφτης, άλλά εκείνος ήξερε τί έκρυβαν.

Ή Νόρα τόν κοίταζε. Ένιωθε πώς κάτι σκοτεινό βάραινε στήν καρδιά του. «Θέλω νά μάθω τήν άλήθεια», είπε, «γιατί ήρθες έδώ, γιατί φοβάσαι». Εκείνος δέν άπάντησε.

Έμειναν έτσι γιά πολλή ώρα. Έξω ό άνεμος φύσηξε καί τά κλαδιά χτύπησαν τά τζάμια. Ό Τζών γύρισε άργά καί είπε: «Υπάρχουν πράγματα πού καλύτερα νά μή τά ξέρεις».

Έφυγε σιωπηλός άπό τό δωμάτιο καί έκείνη έμεινε μόνη νά σκέφτεται. Τά λόγια του έμοιαζαν σάν απειλή. Ή λίμνη έξω είχε πάρει ένα χρώμα σκοτεινό καί ή νύχτα έπεφτε γοργά.

Τό πρωί, όταν ξύπνησε, ή Νόρα βρήκε ένα σημείωμα κάτω άπό τήν πόρτα της. «Μήν ψάχνεις. Φύγε όσο είναι καιρός». Δέν είχε υπογραφή, άλλά ό γραφικός χαρακτήρας τής φάνηκε γνώριμος.

Κατέβηκε στήν τραπεζαρία. Ή κυρία Μπέικερ καθόταν μόνη καί έπινε τόν καφέ της. «Καλημέρα», είπε χωρίς νά σηκώσει τό κεφάλι. Ή Νόρα κάθισε άπέναντί της καί τής έδειξε τό σημείωμα.

Ή ήλικιωμένη γυναίκα τό διάβασε καί χλώμιασε. «Πού τό βρήκατε;» ρώτησε. «Κάτω άπό τήν πόρτα μου». Ή κυρία Μπέικερ έμεινε γιά λίγο σιωπηλή καί ύστερα είπε: «Έχει δίκιο όποιος τό έγραψε».

Δέν ήτανε ένα αίσθηματικό φιλί. Ήτανε μιά παρόρμηση άπό έκείνες πού κάποτε φέρνουν τούς άνθρώπους κοντά. Κάτι παράξενο έγινε τότε καί ή Νόρα ένιωσε πώς ό κόσμος γύρω της άλλαζε. Έμεινε γιά λίγο σιωπηλή καί ύστερα είπε: «Πρέπει νά φύγω».

«Ποιος σού τό είπε αύτό;» ρώτησε ό Τζών. Ή φωνή του ήταν βραχνή. Πλησίασε τό παράθυρο καί κοίταξε έξω, πρός τή λίμνη. Τά νερά ήσαν ήρεμα σάν καθρέφτης, άλλά εκείνος ήξερε τί έκρυβαν.

Ή Νόρα τόν κοίταζε. Ένιωθε πώς κάτι σκοτεινό βάραινε στήν καρδιά του. «Θέλω νά μάθω τήν άλήθεια», είπε, «γιατί ήρθες έδώ, γιατί φοβάσαι». Εκείνος δέν άπάντησε.

Έμειναν έτσι γιά πολλή ώρα. Έξω ό άνεμος φύσηξε καί τά κλαδιά χτύπησαν τά τζάμια. Ό Τζών γύρισε άργά καί είπε: «Υπάρχουν πράγματα πού καλύτερα νά μή τά ξέρεις».

Έφυγε σιωπηλός άπό τό δωμάτιο καί έκείνη έμεινε μόνη νά σκέφτεται. Τά λόγια του έμοιαζαν σάν απειλή. Ή λίμνη έξω είχε πάρει ένα χρώμα σκοτεινό καί ή νύχτα έπεφτε γοργά.

ΑΥΡΙΟΝ Η ΣΥΝΕΧΕΙΑ
